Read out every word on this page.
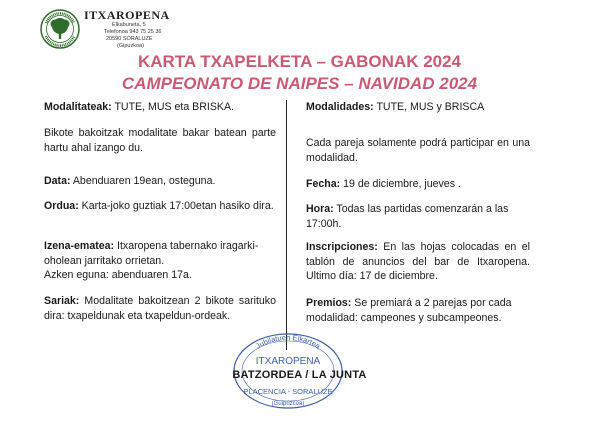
ITXAROPENA
Elkabuneta, 5
Telefonoa 943 75 25 36
20590 SORALUZE
(Gipuzkoa)
KARTA TXAPELKETA – GABONAK 2024
CAMPEONATO DE NAIPES – NAVIDAD 2024

Modalitateak: TUTE, MUS eta BRISKA.

Bikote bakoitzak modalitate bakar batean parte hartu ahal izango du.

Data: Abenduaren 19ean, osteguna.

Ordua: Karta-joko guztiak 17:00etan hasiko dira.

Izena-ematea: Itxaropena tabernako iragarki-oholean jarritako orrietan.

Azken eguna: abenduaren 17a.

Sariak: Modalitate bakoitzean 2 bikote sarituko dira: txapeldunak eta txapeldun-ordeak.

Modalidades: TUTE, MUS y BRISCA

Cada pareja solamente podrá participar en una modalidad.

Fecha: 19 de diciembre, jueves .

Hora: Todas las partidas comenzarán a las 17:00h.

Inscripciones: En las hojas colocadas en el tablón de anuncios del bar de Itxaropena. Ultimo día: 17 de diciembre.

Premios: Se premiará a 2 parejas por cada modalidad: campeones y subcampeones.

Jubilatuen Elkartea
ITXAROPENA
PLACENCIA - SORALUZE
(Guipúzcoa)
BATZORDEA / LA JUNTA
